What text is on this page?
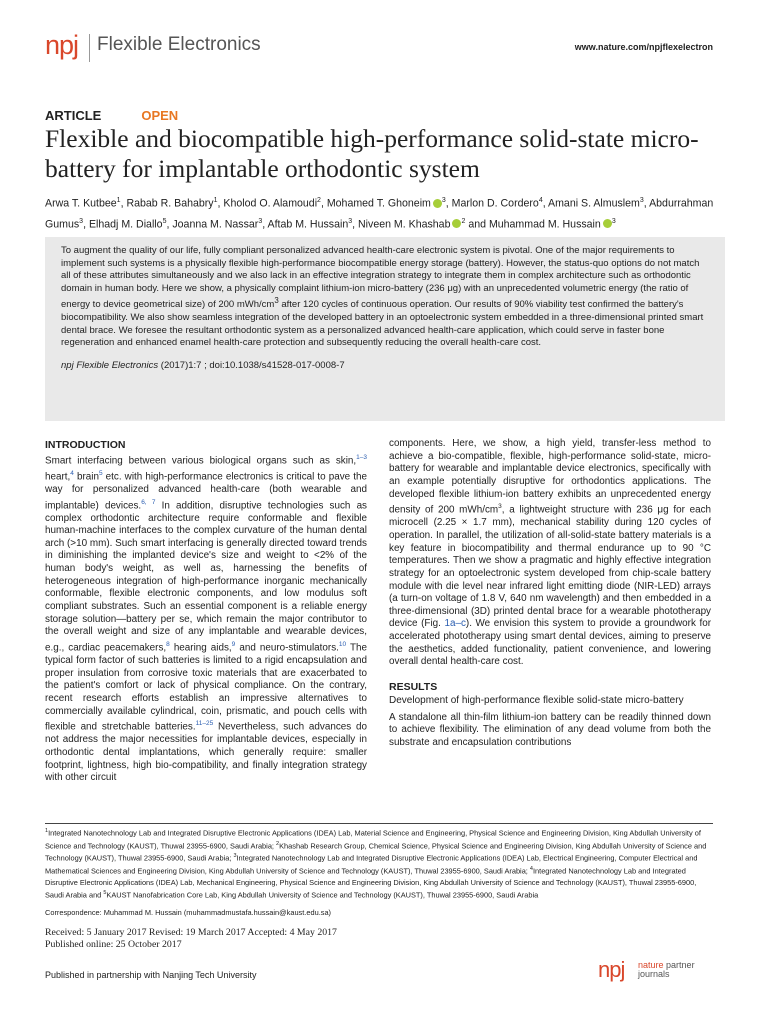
npj Flexible Electronics	www.nature.com/npjflexelectron
ARTICLE	OPEN
Flexible and biocompatible high-performance solid-state micro-battery for implantable orthodontic system

Arwa T. Kutbee$^1$, Rabab R. Bahabry$^1$, Kholod O. Alamoudi$^2$, Mohamed T. Ghoneim $^3$, Marlon D. Cordero$^4$, Amani S. Almuslem$^3$, Abdurrahman Gumus$^3$, Elhadj M. Diallo$^5$, Joanna M. Nassar$^3$, Aftab M. Hussain$^3$, Niveen M. Khashab $^2$ and Muhammad M. Hussain $^3$

To augment the quality of our life, fully compliant personalized advanced health-care electronic system is pivotal. One of the major requirements to implement such systems is a physically flexible high-performance biocompatible energy storage (battery). However, the status-quo options do not match all of these attributes simultaneously and we also lack in an effective integration strategy to integrate them in complex architecture such as orthodontic domain in human body. Here we show, a physically complaint lithium-ion micro-battery (236 μg) with an unprecedented volumetric energy (the ratio of energy to device geometrical size) of 200 mWh/$cm^3$ after 120 cycles of continuous operation. Our results of 90% viability test confirmed the battery's biocompatibility. We also show seamless integration of the developed battery in an optoelectronic system embedded in a three-dimensional printed smart dental brace. We foresee the resultant orthodontic system as a personalized advanced health-care application, which could serve in faster bone regeneration and enhanced enamel health-care protection and subsequently reducing the overall health-care cost.

npj Flexible Electronics (2017)1:7 ; doi:10.1038/s41528-017-0008-7

INTRODUCTION

Smart interfacing between various biological organs such as skin,$^{1-3}$ heart,$^4$ brain$^5$ etc. with high-performance electronics is critical to pave the way for personalized advanced health-care (both wearable and implantable) devices.$^{6, 7}$ In addition, disruptive technologies such as complex orthodontic architecture require conformable and flexible human-machine interfaces to the complex curvature of the human dental arch (>10 mm). Such smart interfacing is generally directed toward trends in diminishing the implanted device's size and weight to <2% of the human body's weight, as well as, harnessing the benefits of heterogeneous integration of high-performance inorganic mechanically conformable, flexible electronic components, and low modulus soft compliant substrates. Such an essential component is a reliable energy storage solution—battery per se, which remain the major contributor to the overall weight and size of any implantable and wearable devices, e.g., cardiac peacemakers,$^8$ hearing aids,$^9$ and neuro-stimulators.$^{10}$ The typical form factor of such batteries is limited to a rigid encapsulation and proper insulation from corrosive toxic materials that are exacerbated to the patient's comfort or lack of physical compliance. On the contrary, recent research efforts establish an impressive alternatives to commercially available cylindrical, coin, prismatic, and pouch cells with flexible and stretchable batteries.$^{11-25}$ Nevertheless, such advances do not address the major necessities for implantable devices, especially in orthodontic dental implantations, which generally require: smaller footprint, lightness, high bio-compatibility, and finally integration strategy with other circuit

components. Here, we show, a high yield, transfer-less method to achieve a bio-compatible, flexible, high-performance solid-state, micro-battery for wearable and implantable device electronics, specifically with an example potentially disruptive for orthodontics applications. The developed flexible lithium-ion battery exhibits an unprecedented energy density of 200 mWh/$cm^3$, a lightweight structure with 236 μg for each microcell (2.25 × 1.7 mm), mechanical stability during 120 cycles of operation. In parallel, the utilization of all-solid-state battery materials is a key feature in biocompatibility and thermal endurance up to 90 °C temperatures. Then we show a pragmatic and highly effective integration strategy for an optoelectronic system developed from chip-scale battery module with die level near infrared light emitting diode (NIR-LED) arrays (a turn-on voltage of 1.8 V, 640 nm wavelength) and then embedded in a three-dimensional (3D) printed dental brace for a wearable phototherapy device (Fig. 1a–c). We envision this system to provide a groundwork for accelerated phototherapy using smart dental devices, aiming to preserve the aesthetics, added functionality, patient convenience, and lowering overall dental health-care cost.

RESULTS

Development of high-performance flexible solid-state micro-battery

A standalone all thin-film lithium-ion battery can be readily thinned down to achieve flexibility. The elimination of any dead volume from both the substrate and encapsulation contributions

$^1$Integrated Nanotechnology Lab and Integrated Disruptive Electronic Applications (IDEA) Lab, Material Science and Engineering, Physical Science and Engineering Division, King Abdullah University of Science and Technology (KAUST), Thuwal 23955-6900, Saudi Arabia; $^2$Khashab Research Group, Chemical Science, Physical Science and Engineering Division, King Abdullah University of Science and Technology (KAUST), Thuwal 23955-6900, Saudi Arabia; $^3$Integrated Nanotechnology Lab and Integrated Disruptive Electronic Applications (IDEA) Lab, Electrical Engineering, Computer Electrical and Mathematical Sciences and Engineering Division, King Abdullah University of Science and Technology (KAUST), Thuwal 23955-6900, Saudi Arabia; $^4$Integrated Nanotechnology Lab and Integrated Disruptive Electronic Applications (IDEA) Lab, Mechanical Engineering, Physical Science and Engineering Division, King Abdullah University of Science and Technology (KAUST), Thuwal 23955-6900, Saudi Arabia and $^5$KAUST Nanofabrication Core Lab, King Abdullah University of Science and Technology (KAUST), Thuwal 23955-6900, Saudi Arabia

Correspondence: Muhammad M. Hussain (muhammadmustafa.hussain@kaust.edu.sa)

Received: 5 January 2017 Revised: 19 March 2017 Accepted: 4 May 2017
Published online: 25 October 2017

Published in partnership with Nanjing Tech University	npj nature partner
journals
